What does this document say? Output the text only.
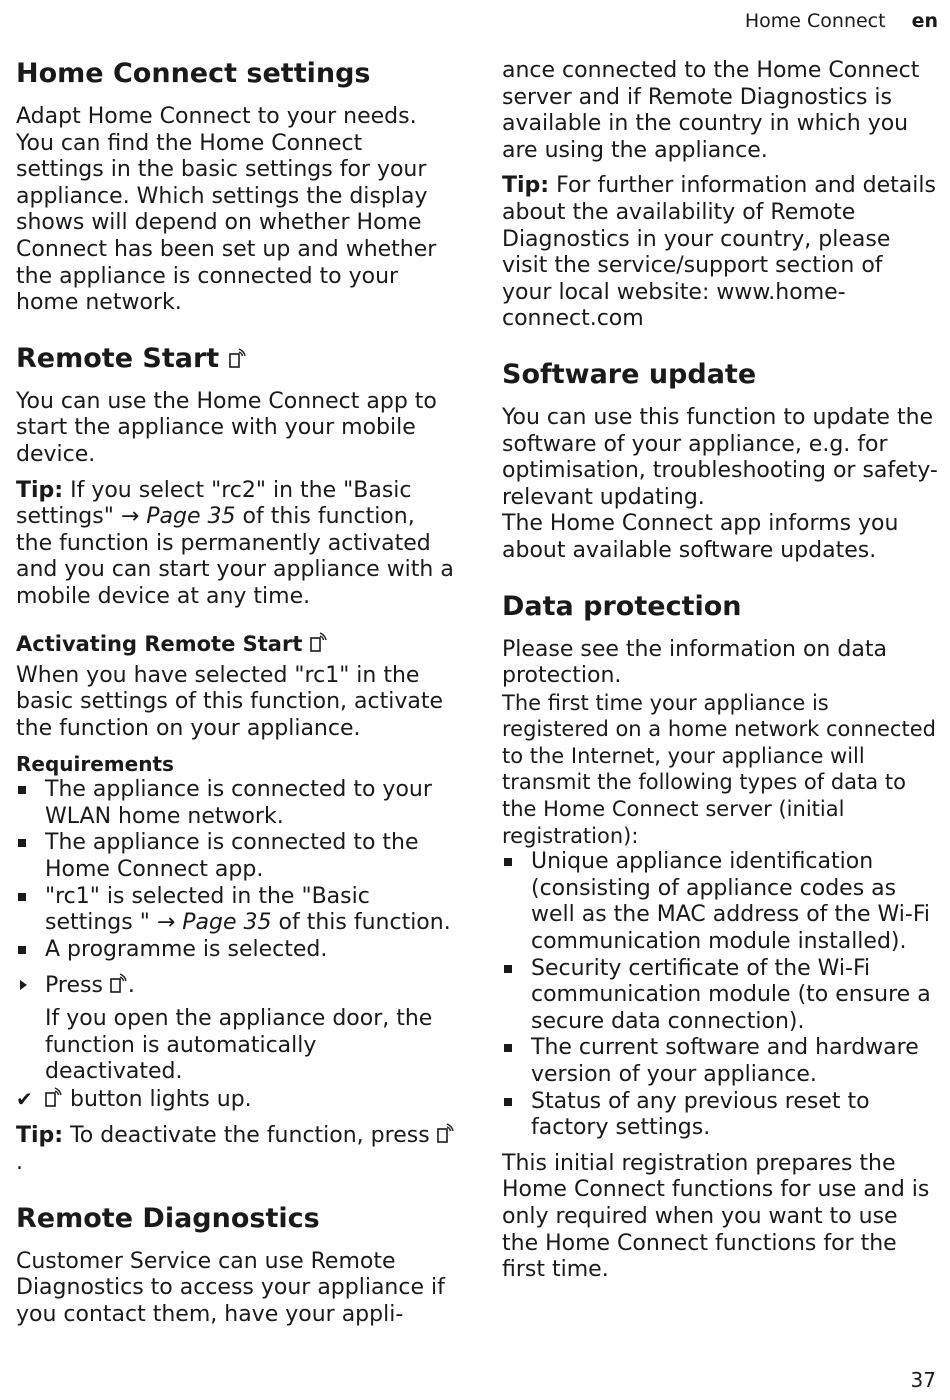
Home Connect en
Home Connect settings

Adapt Home Connect to your needs. You can find the Home Connect settings in the basic settings for your appliance. Which settings the display shows will depend on whether Home Connect has been set up and whether the appliance is connected to your home network.

Remote Start

You can use the Home Connect app to start the appliance with your mobile device.

Tip: If you select "rc2" in the "Basic settings" → Page 35 of this function, the function is permanently activated and you can start your appliance with a mobile device at any time.

Activating Remote Start

When you have selected "rc1" in the basic settings of this function, activate the function on your appliance.

Requirements
The appliance is connected to your WLAN home network.
The appliance is connected to the Home Connect app.
"rc1" is selected in the "Basic settings " → Page 35 of this function.
A programme is selected.
Press .
If you open the appliance door, the function is automatically deactivated.
✔ button lights up.

Tip: To deactivate the function, press .

Remote Diagnostics

Customer Service can use Remote Diagnostics to access your appliance if you contact them, have your appli-

ance connected to the Home Connect server and if Remote Diagnostics is available in the country in which you are using the appliance.

Tip: For further information and details about the availability of Remote Diagnostics in your country, please visit the service/support section of your local website: www.home-connect.com

Software update

You can use this function to update the software of your appliance, e.g. for optimisation, troubleshooting or safety-relevant updating.

The Home Connect app informs you about available software updates.

Data protection

Please see the information on data protection.

The first time your appliance is registered on a home network connected to the Internet, your appliance will transmit the following types of data to the Home Connect server (initial registration):

Unique appliance identification (consisting of appliance codes as well as the MAC address of the Wi-Fi communication module installed).
Security certificate of the Wi-Fi communication module (to ensure a secure data connection).
The current software and hardware version of your appliance.
Status of any previous reset to factory settings.

This initial registration prepares the Home Connect functions for use and is only required when you want to use the Home Connect functions for the first time.

37
